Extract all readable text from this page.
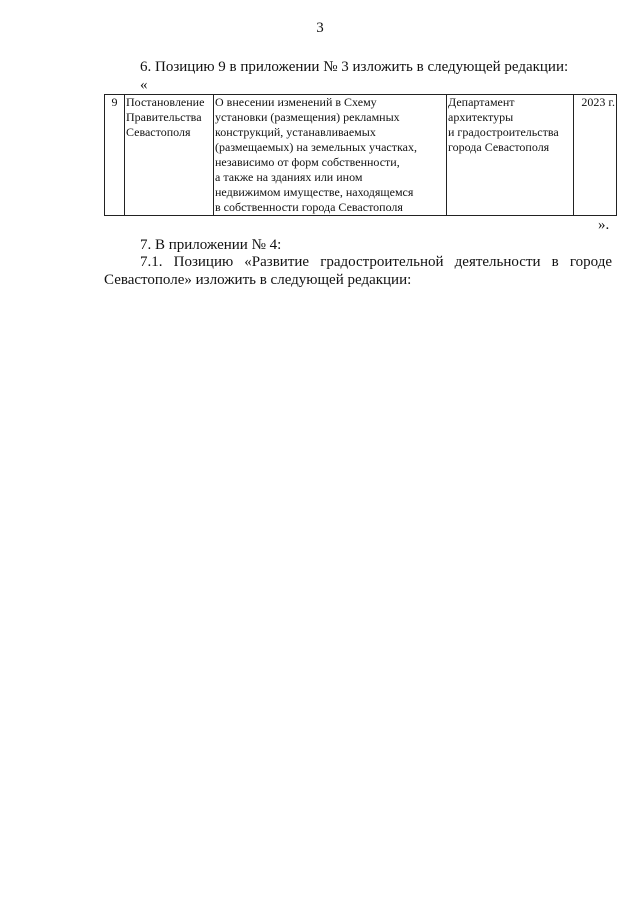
3
6. Позицию 9 в приложении № 3 изложить в следующей редакции:
«
9	Постановление
Правительства
Севастополя	О внесении изменений в Схему
установки (размещения) рекламных
конструкций, устанавливаемых
(размещаемых) на земельных участках,
независимо от форм собственности,
а также на зданиях или ином
недвижимом имуществе, находящемся
в собственности города Севастополя	Департамент
архитектуры
и градостроительства
города Севастополя	2023 г.
».
7. В приложении № 4:
7.1. Позицию «Развитие градостроительной деятельности в городе Севастополе» изложить в следующей редакции:
